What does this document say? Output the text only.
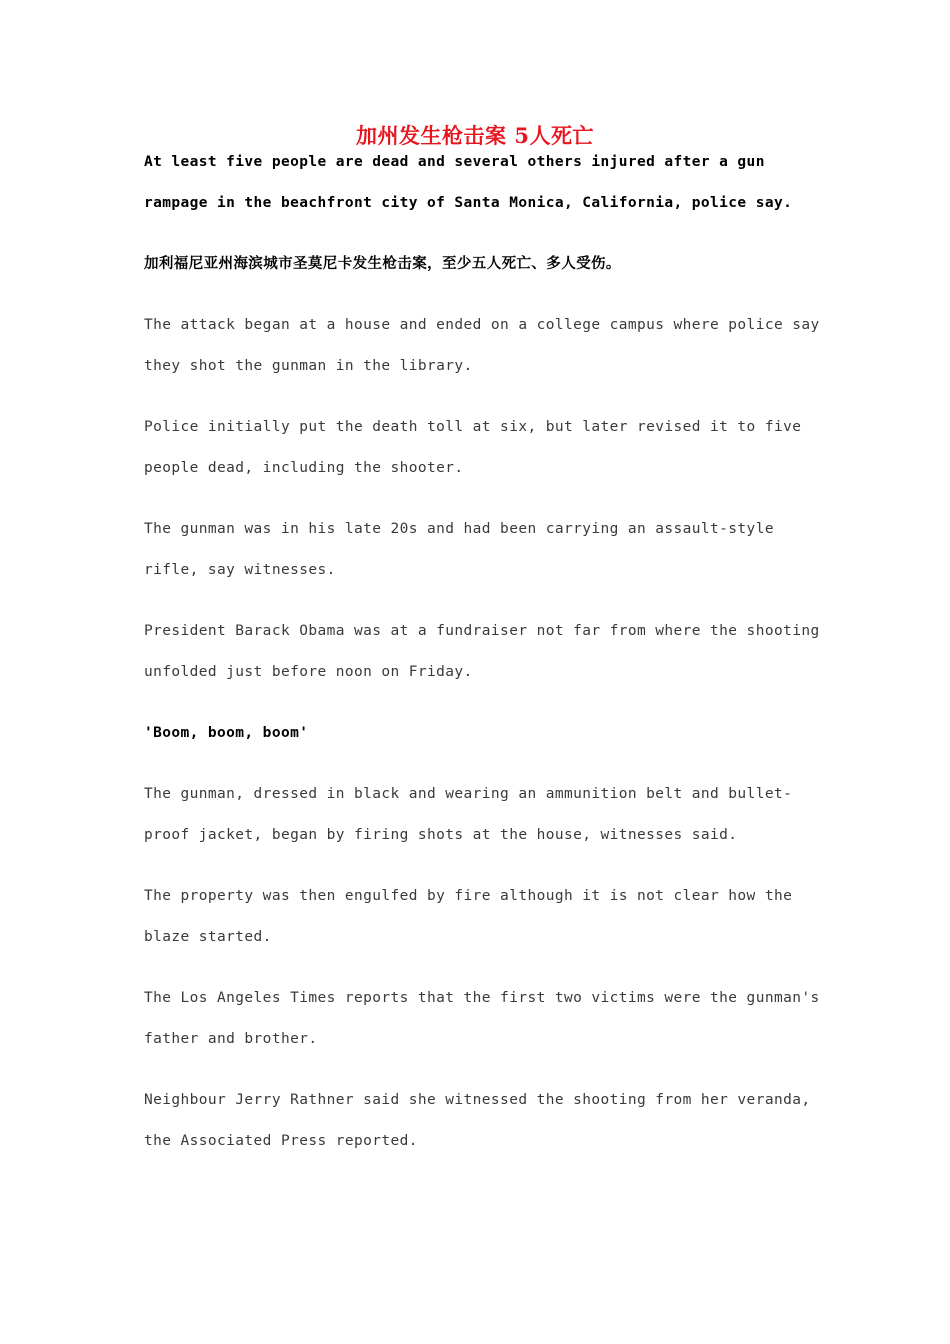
加州发生枪击案 5人死亡

At least five people are dead and several others injured after a gun rampage in the beachfront city of Santa Monica, California, police say.

加利福尼亚州海滨城市圣莫尼卡发生枪击案，至少五人死亡、多人受伤。

The attack began at a house and ended on a college campus where police say they shot the gunman in the library.

Police initially put the death toll at six, but later revised it to five people dead, including the shooter.

The gunman was in his late 20s and had been carrying an assault-style rifle, say witnesses.

President Barack Obama was at a fundraiser not far from where the shooting unfolded just before noon on Friday.

'Boom, boom, boom'

The gunman, dressed in black and wearing an ammunition belt and bullet-proof jacket, began by firing shots at the house, witnesses said.

The property was then engulfed by fire although it is not clear how the blaze started.

The Los Angeles Times reports that the first two victims were the gunman's father and brother.

Neighbour Jerry Rathner said she witnessed the shooting from her veranda, the Associated Press reported.
